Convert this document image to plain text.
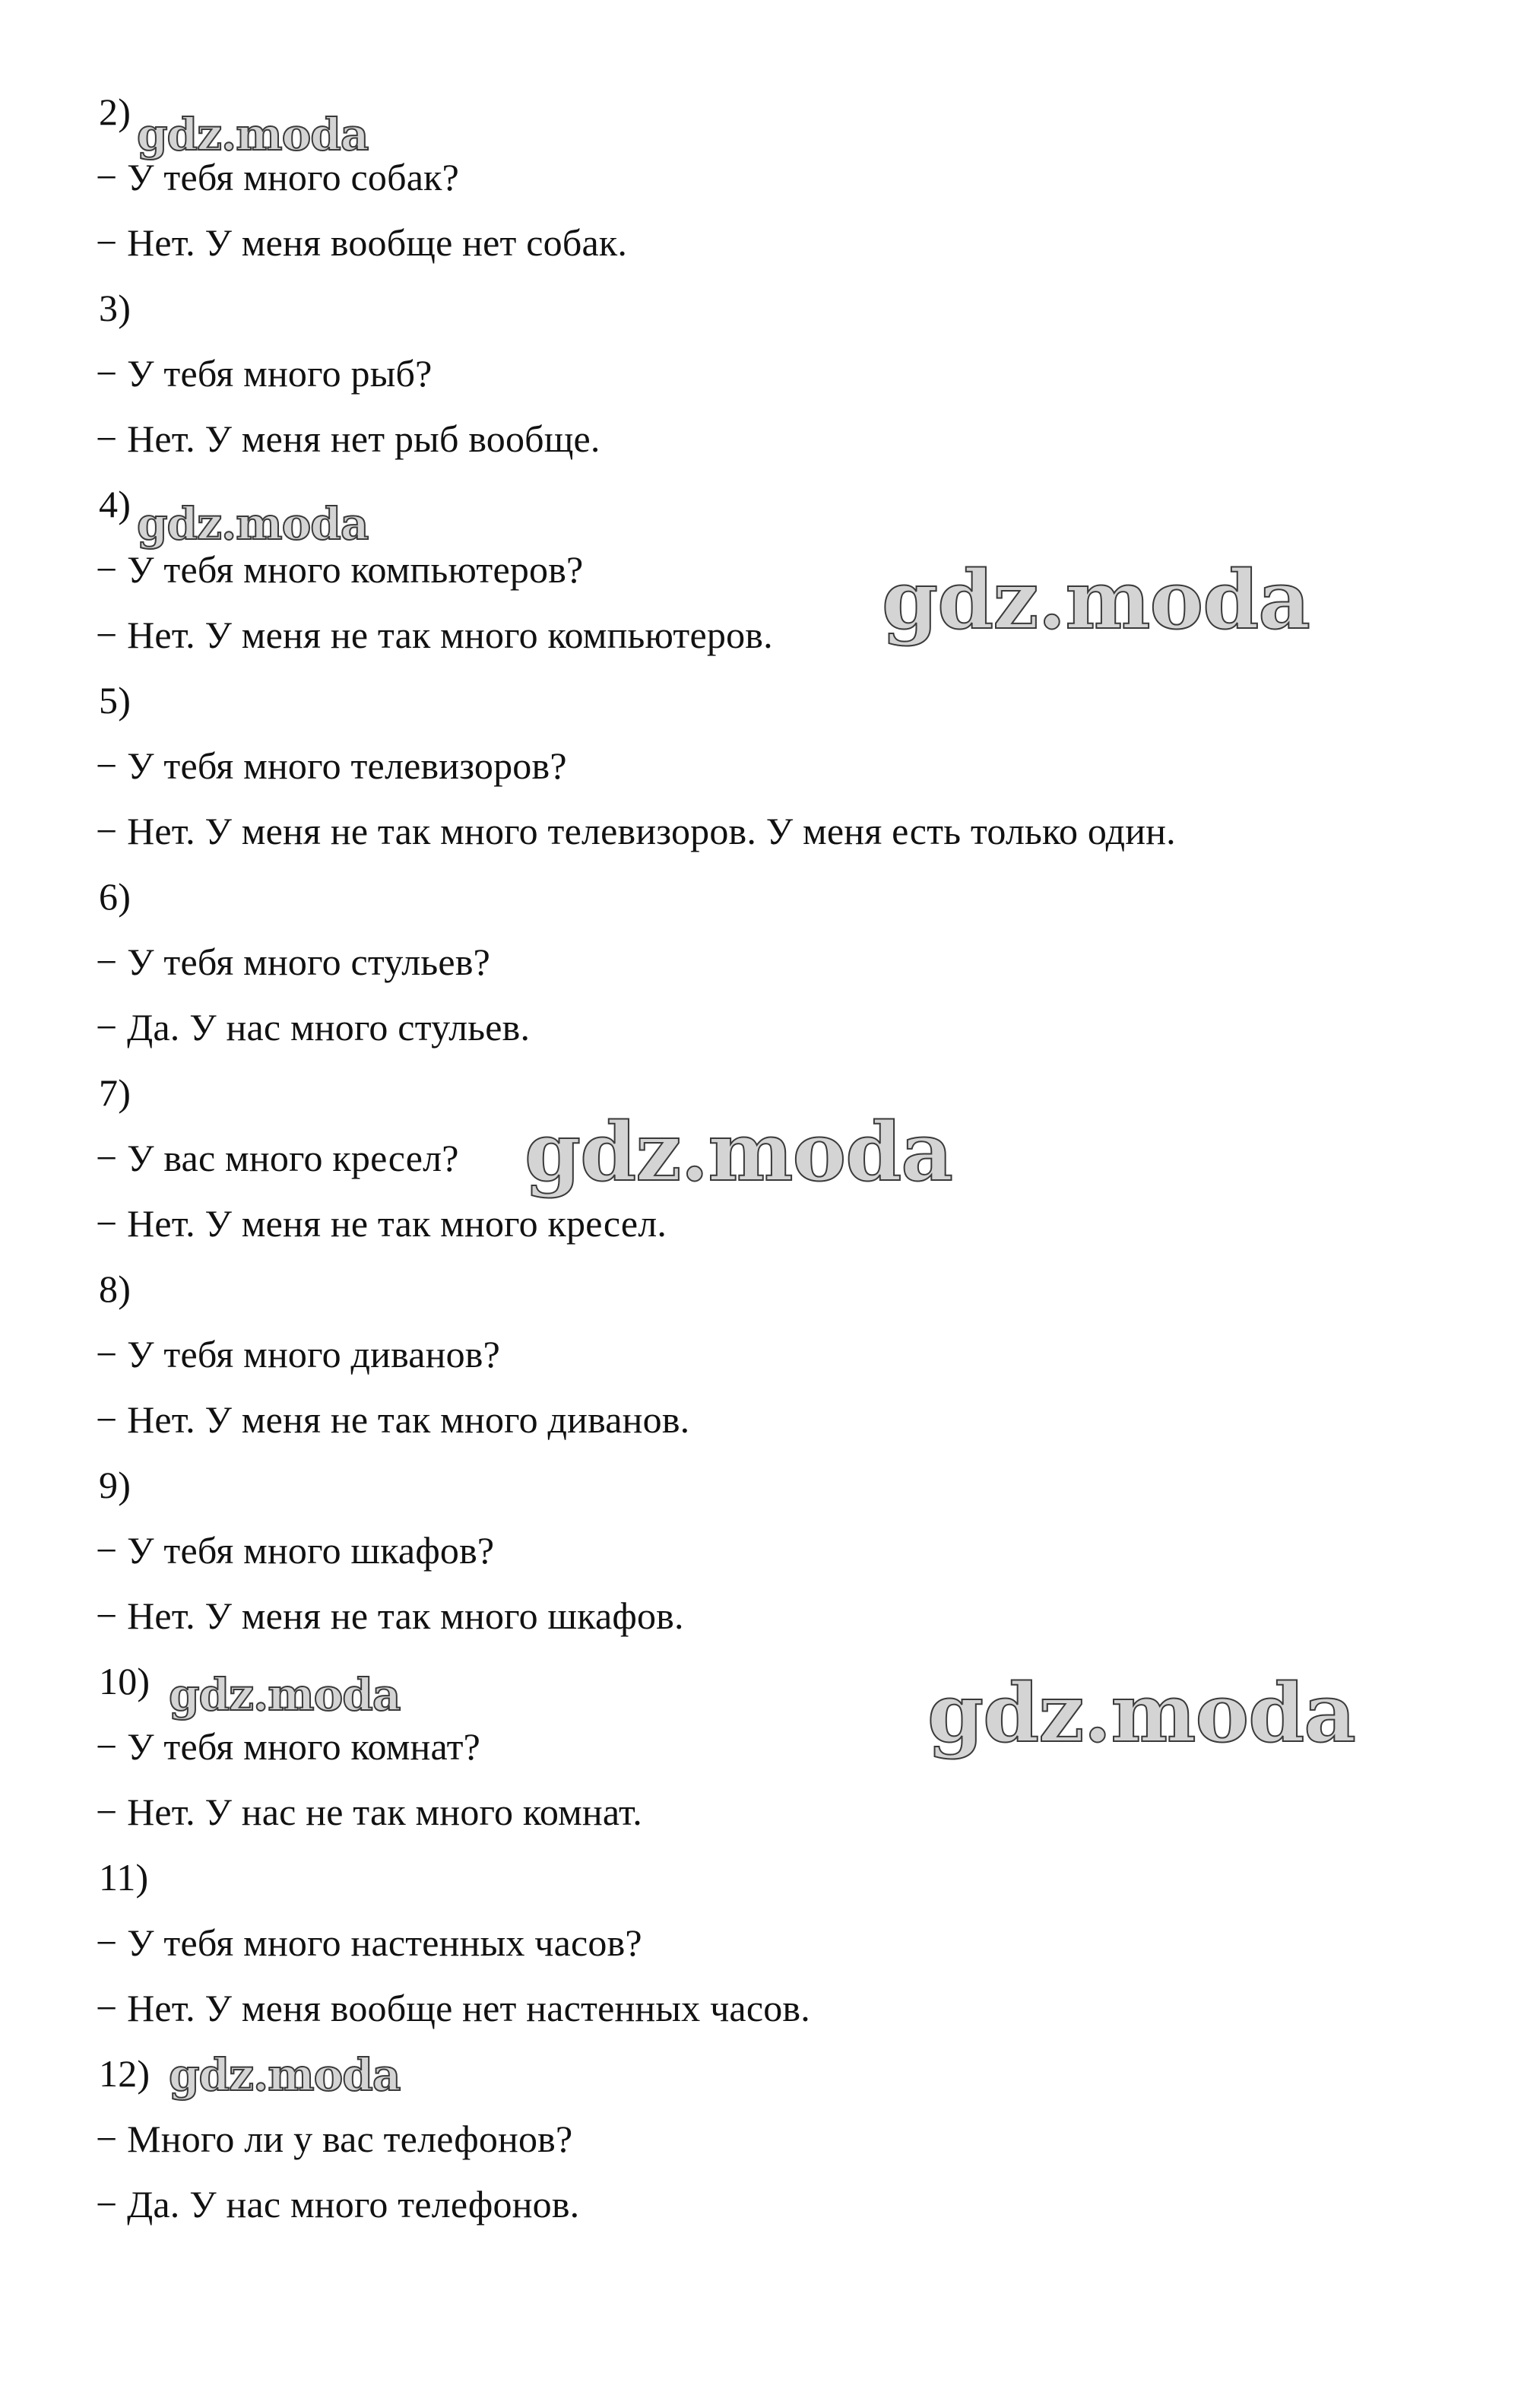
2)
− У тебя много собак?
− Нет. У меня вообще нет собак.
3)
− У тебя много рыб?
− Нет. У меня нет рыб вообще.
4)
− У тебя много компьютеров?
− Нет. У меня не так много компьютеров.
5)
− У тебя много телевизоров?
− Нет. У меня не так много телевизоров. У меня есть только один.
6)
− У тебя много стульев?
− Да. У нас много стульев.
7)
− У вас много кресел?
− Нет. У меня не так много кресел.
8)
− У тебя много диванов?
− Нет. У меня не так много диванов.
9)
− У тебя много шкафов?
− Нет. У меня не так много шкафов.
10)
− У тебя много комнат?
− Нет. У нас не так много комнат.
11)
− У тебя много настенных часов?
− Нет. У меня вообще нет настенных часов.
12)
− Много ли у вас телефонов?
− Да. У нас много телефонов.
gdz.moda
gdz.moda
gdz.moda
gdz.moda
gdz.moda	gdz.moda
gdz.moda
